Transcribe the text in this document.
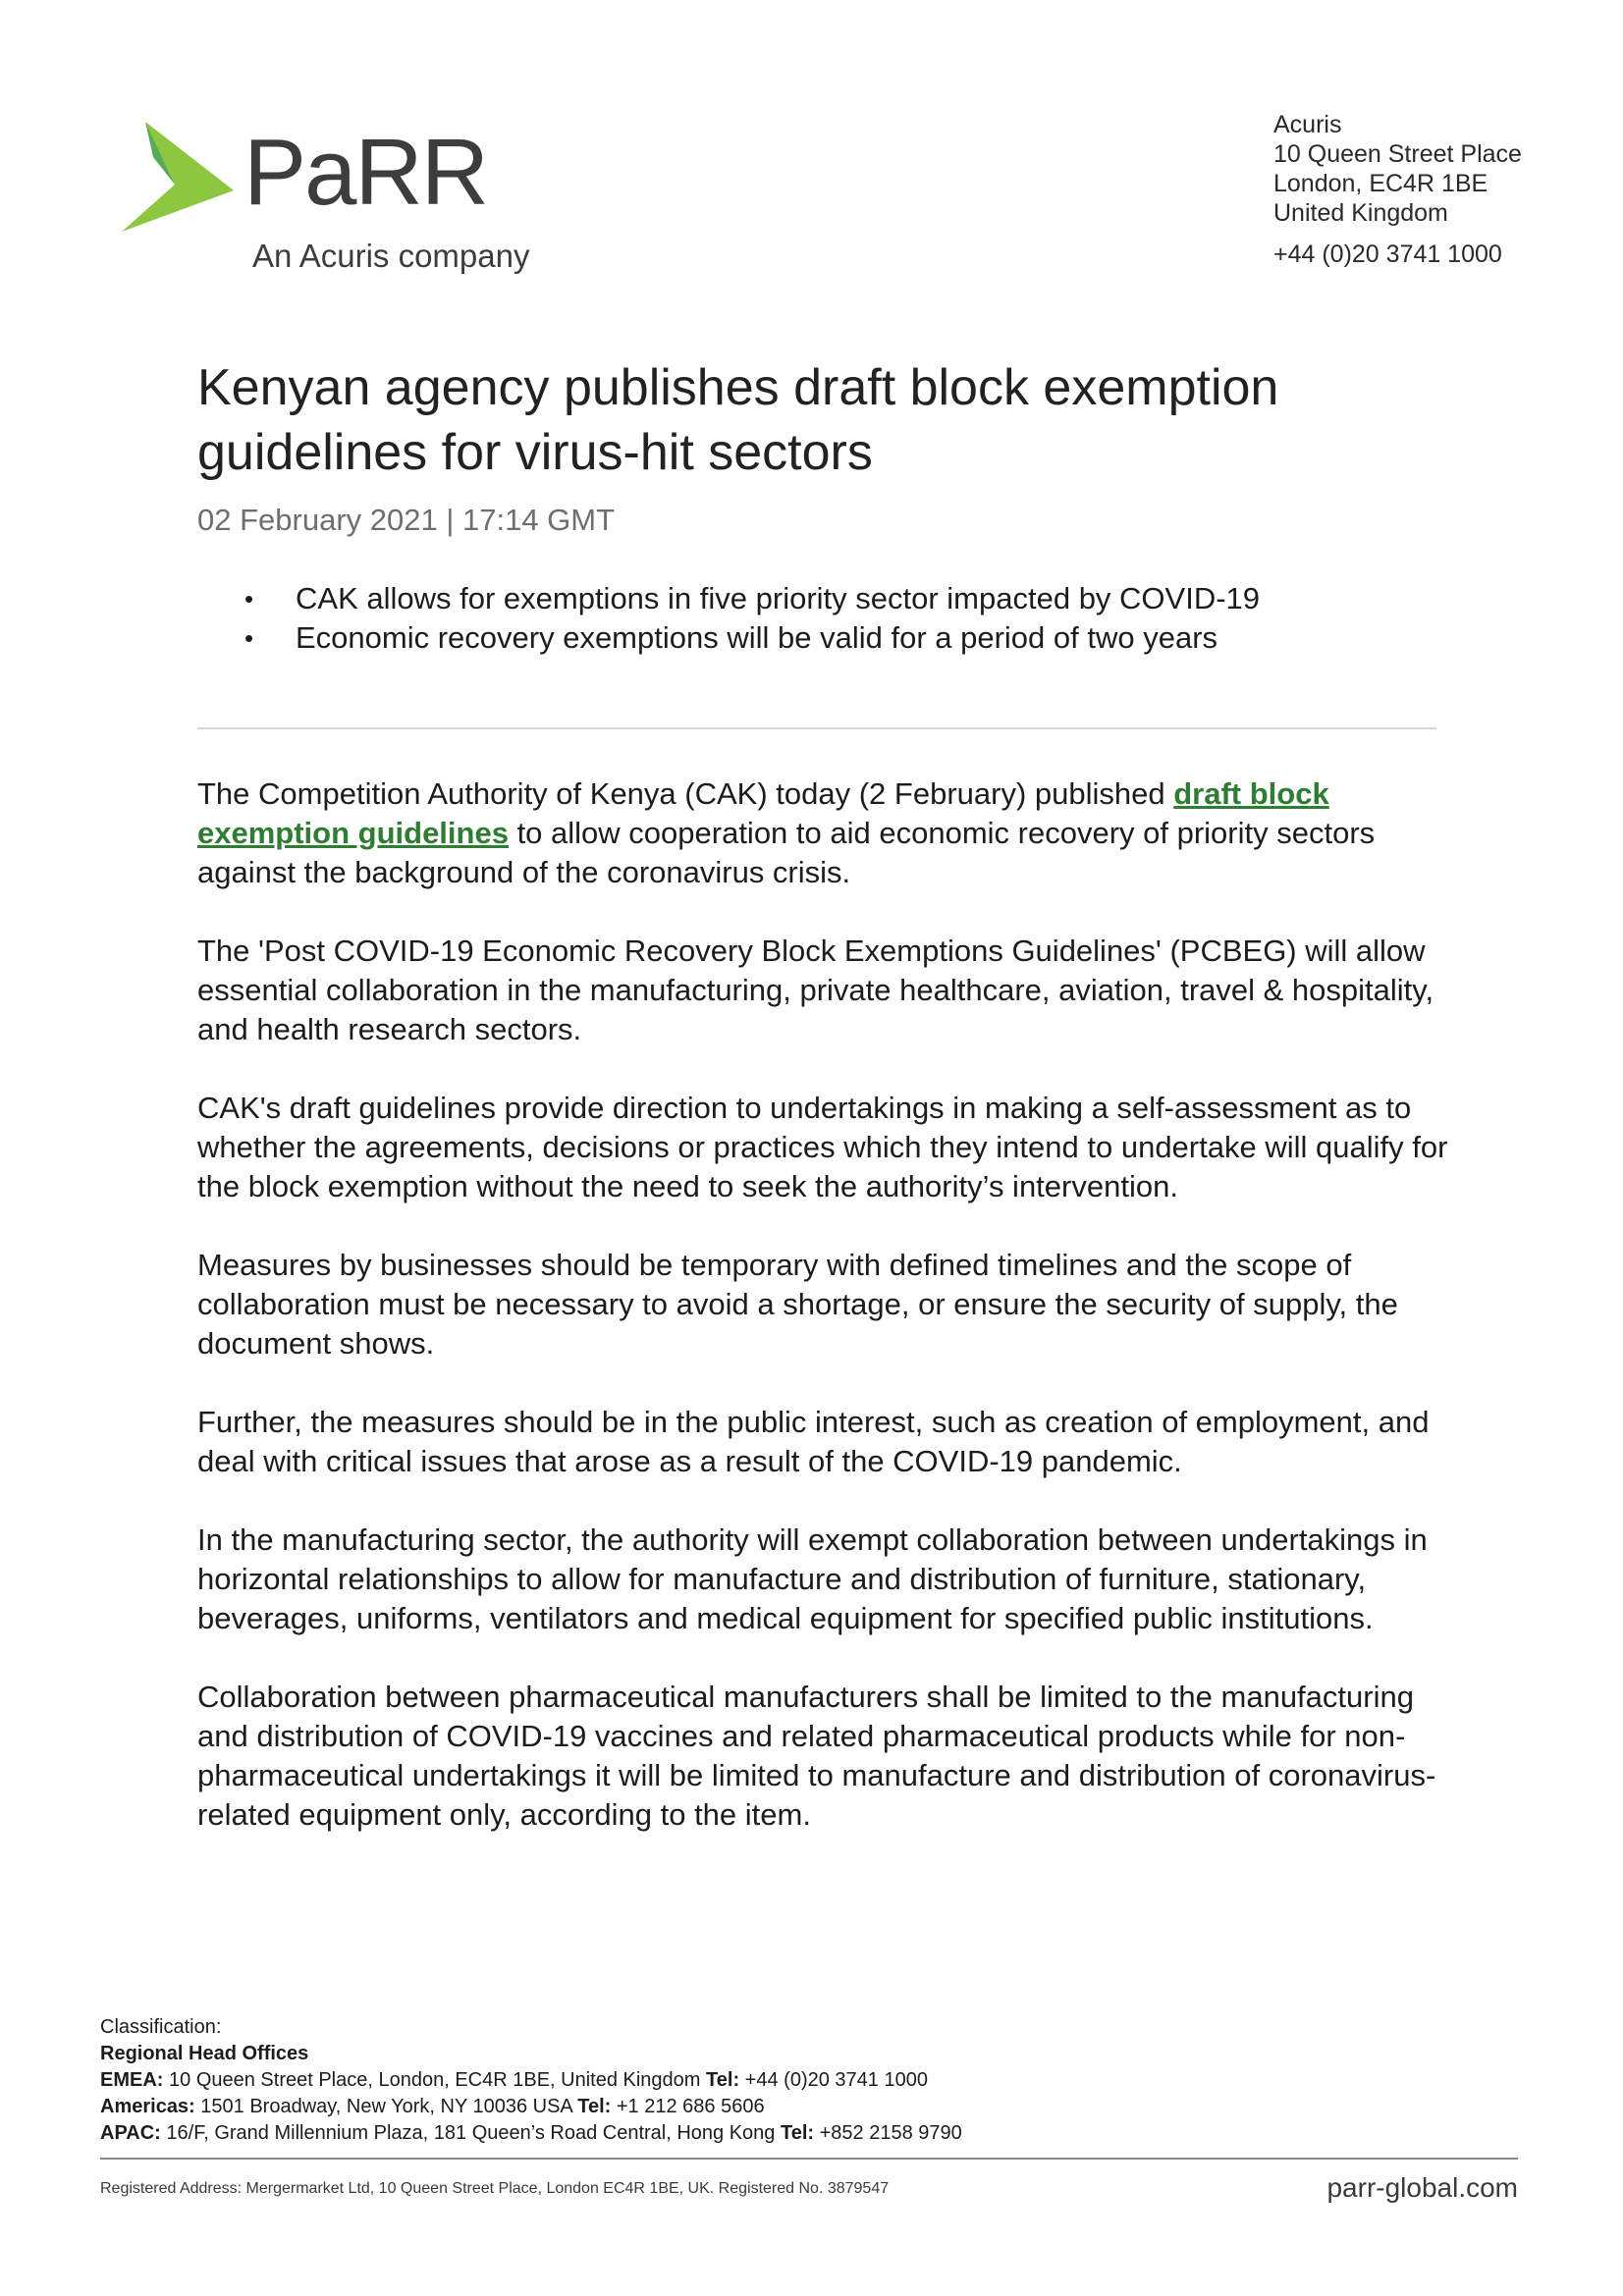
PaRR
An Acuris company
Acuris
10 Queen Street Place
London, EC4R 1BE
United Kingdom
+44 (0)20 3741 1000
Kenyan agency publishes draft block exemption
guidelines for virus-hit sectors
02 February 2021 | 17:14 GMT
• CAK allows for exemptions in five priority sector impacted by COVID-19
• Economic recovery exemptions will be valid for a period of two years

The Competition Authority of Kenya (CAK) today (2 February) published draft block exemption guidelines to allow cooperation to aid economic recovery of priority sectors against the background of the coronavirus crisis.

The 'Post COVID-19 Economic Recovery Block Exemptions Guidelines' (PCBEG) will allow essential collaboration in the manufacturing, private healthcare, aviation, travel & hospitality, and health research sectors.

CAK's draft guidelines provide direction to undertakings in making a self-assessment as to whether the agreements, decisions or practices which they intend to undertake will qualify for the block exemption without the need to seek the authority’s intervention.

Measures by businesses should be temporary with defined timelines and the scope of collaboration must be necessary to avoid a shortage, or ensure the security of supply, the document shows.

Further, the measures should be in the public interest, such as creation of employment, and deal with critical issues that arose as a result of the COVID-19 pandemic.

In the manufacturing sector, the authority will exempt collaboration between undertakings in horizontal relationships to allow for manufacture and distribution of furniture, stationary, beverages, uniforms, ventilators and medical equipment for specified public institutions.

Collaboration between pharmaceutical manufacturers shall be limited to the manufacturing and distribution of COVID-19 vaccines and related pharmaceutical products while for non-pharmaceutical undertakings it will be limited to manufacture and distribution of coronavirus-related equipment only, according to the item.

Classification:
Regional Head Offices
EMEA: 10 Queen Street Place, London, EC4R 1BE, United Kingdom Tel: +44 (0)20 3741 1000
Americas: 1501 Broadway, New York, NY 10036 USA Tel: +1 212 686 5606
APAC: 16/F, Grand Millennium Plaza, 181 Queen’s Road Central, Hong Kong Tel: +852 2158 9790
Registered Address: Mergermarket Ltd, 10 Queen Street Place, London EC4R 1BE, UK. Registered No. 3879547	parr-global.com
